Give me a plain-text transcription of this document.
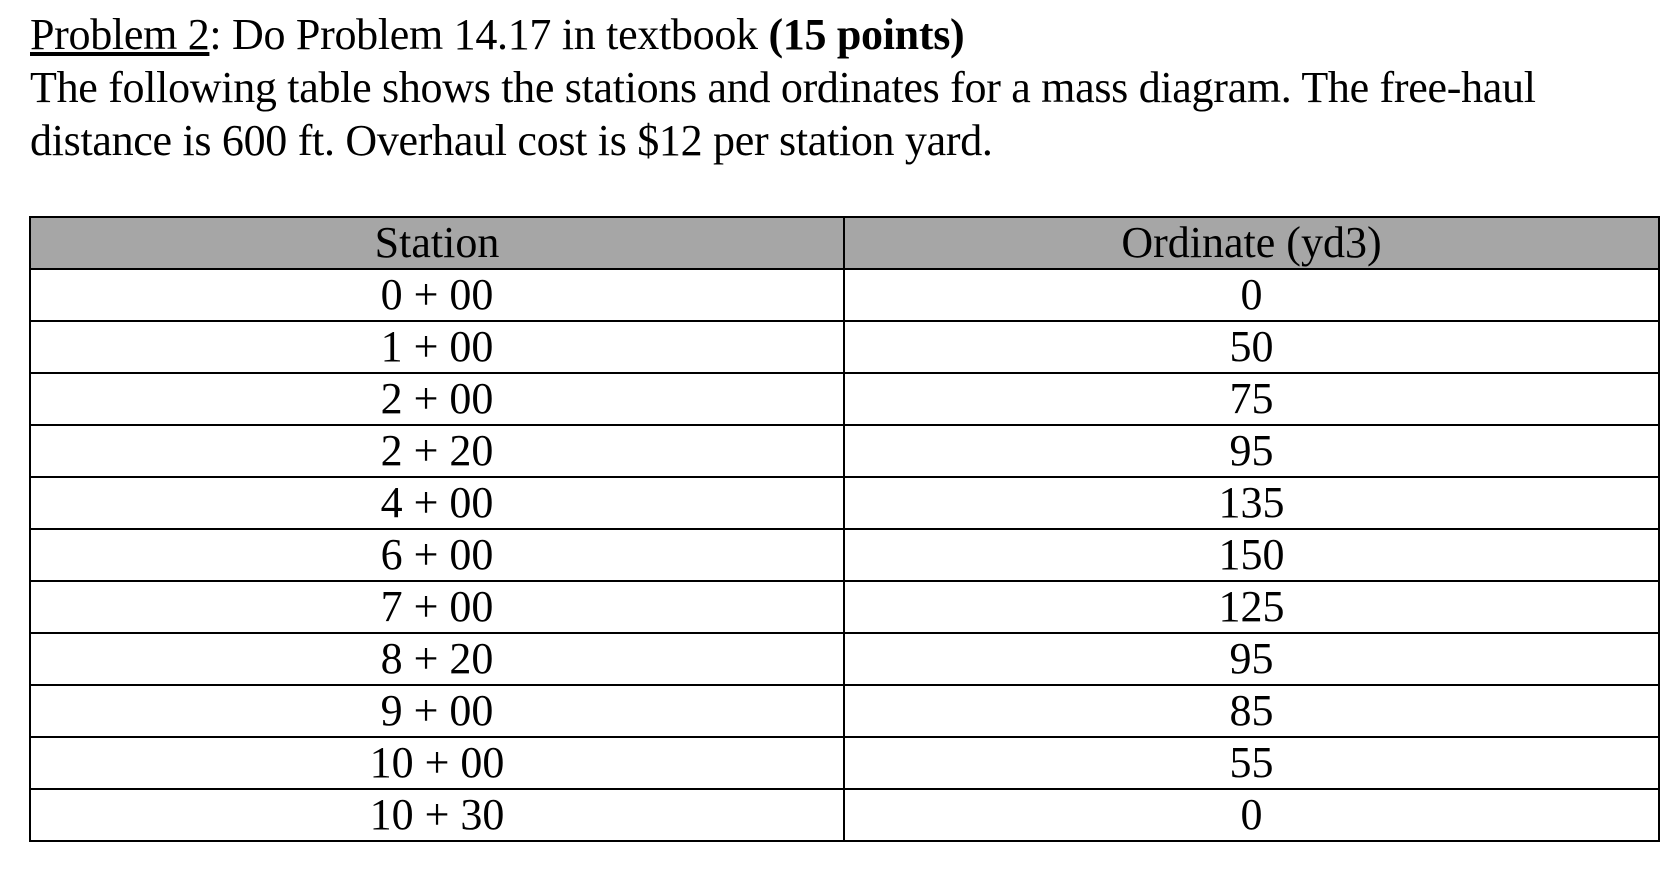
Problem 2: Do Problem 14.17 in textbook (15 points)

The following table shows the stations and ordinates for a mass diagram. The free-haul distance is 600 ft. Overhaul cost is $12 per station yard.

Station	Ordinate (yd3)
0 + 00	0
1 + 00	50
2 + 00	75
2 + 20	95
4 + 00	135
6 + 00	150
7 + 00	125
8 + 20	95
9 + 00	85
10 + 00	55
10 + 30	0
